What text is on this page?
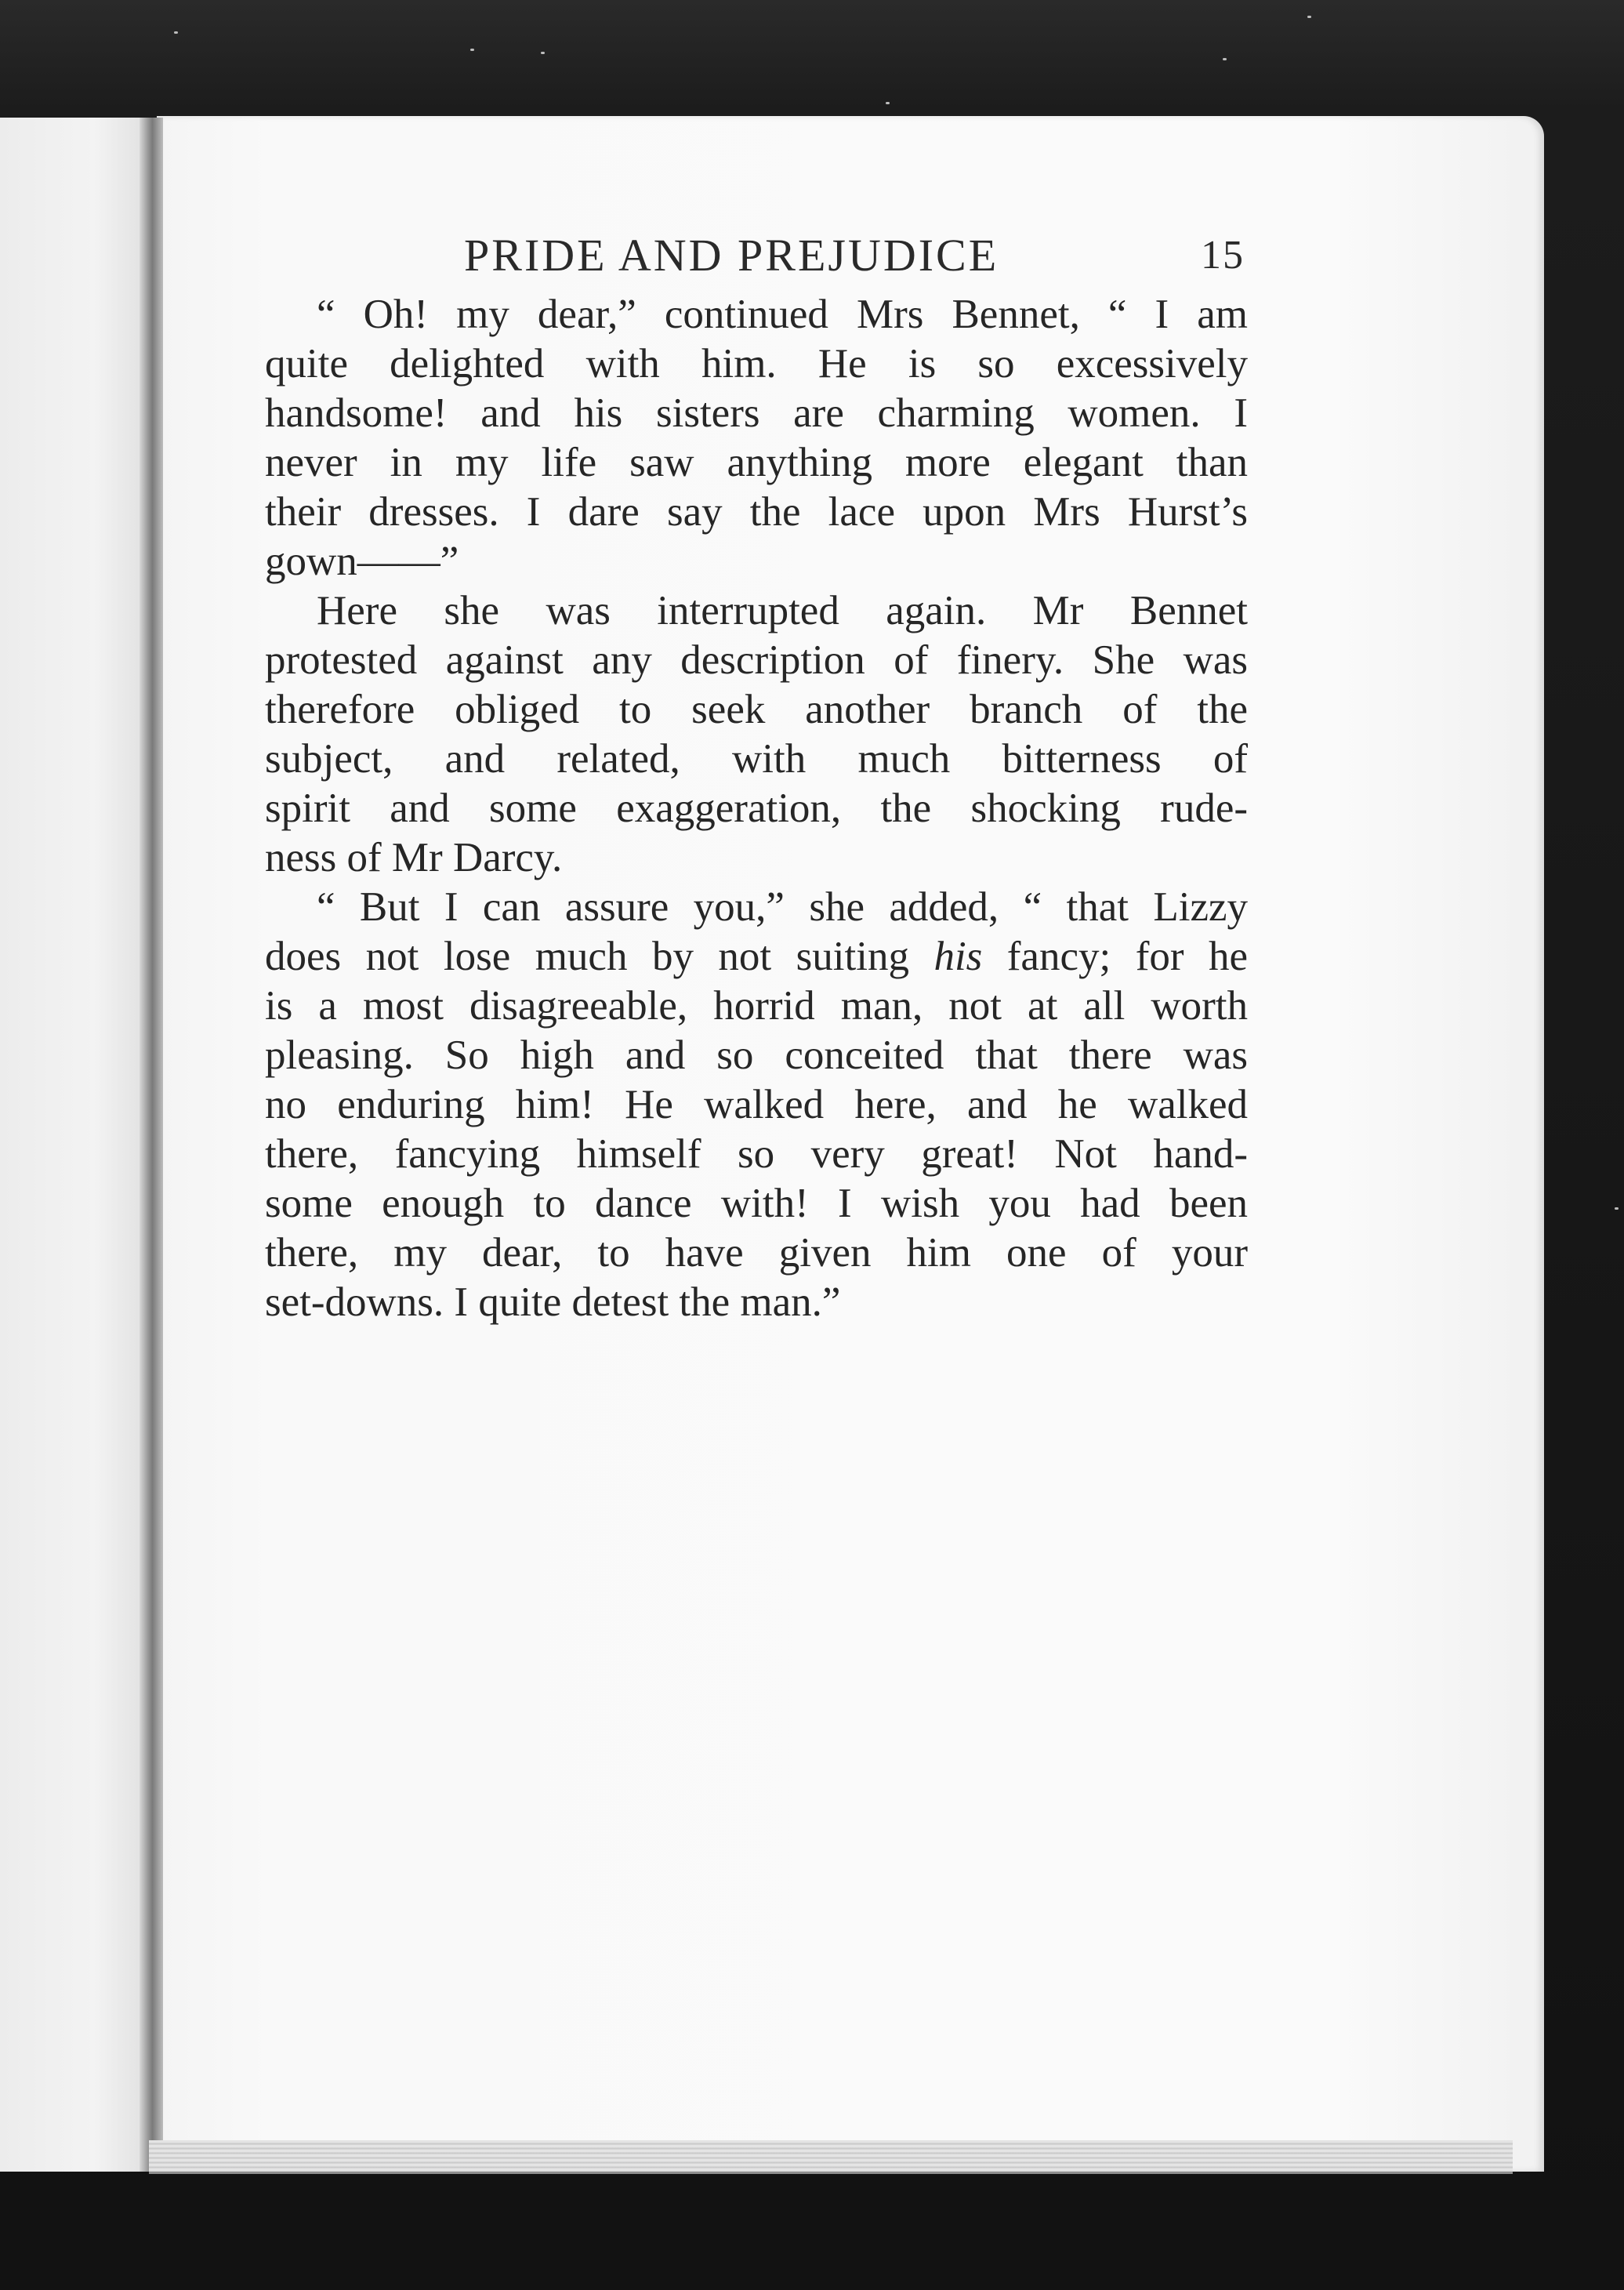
PRIDE AND PREJUDICE	15
“ Oh! my dear,” continued Mrs Bennet, “ I am
quite delighted with him. He is so excessively
handsome! and his sisters are charming women. I
never in my life saw anything more elegant than
their dresses. I dare say the lace upon Mrs Hurst’s
gown——”
Here she was interrupted again. Mr Bennet
protested against any description of finery. She was
therefore obliged to seek another branch of the
subject, and related, with much bitterness of
spirit and some exaggeration, the shocking rude-
ness of Mr Darcy.
“ But I can assure you,” she added, “ that Lizzy
does not lose much by not suiting his fancy; for he
is a most disagreeable, horrid man, not at all worth
pleasing. So high and so conceited that there was
no enduring him! He walked here, and he walked
there, fancying himself so very great! Not hand-
some enough to dance with! I wish you had been
there, my dear, to have given him one of your
set-downs. I quite detest the man.”
